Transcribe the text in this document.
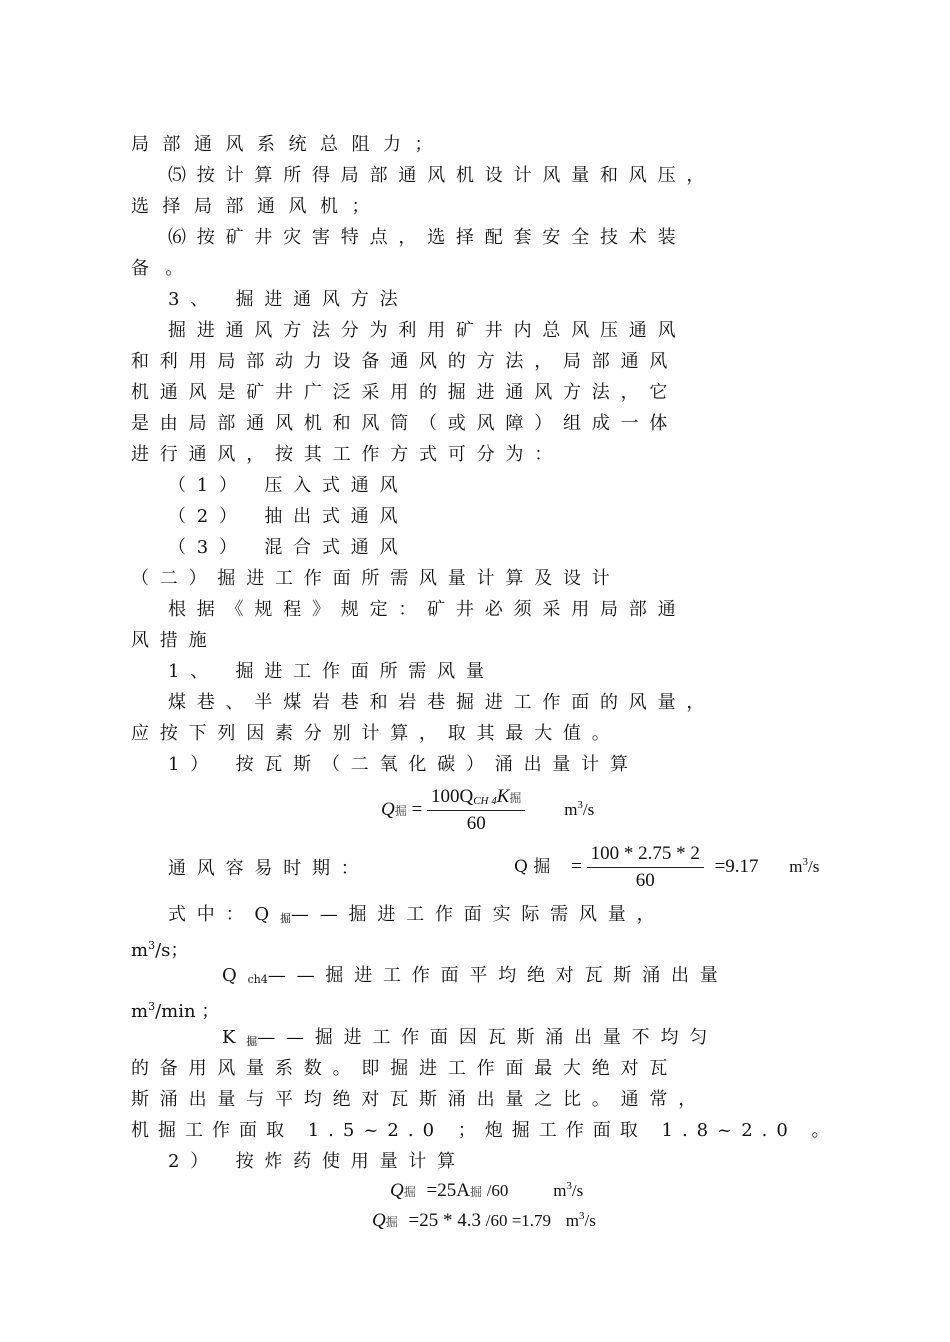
局部通风系统总阻力；
⑸按计算所得局部通风机设计风量和风压，
选择局部通风机；
⑹按矿井灾害特点，选择配套安全技术装
备。
3、 掘进通风方法
掘进通风方法分为利用矿井内总风压通风
和利用局部动力设备通风的方法，局部通风
机通风是矿井广泛采用的掘进通风方法，它
是由局部通风机和风筒（或风障）组成一体
进行通风，按其工作方式可分为：
（1） 压入式通风
（2） 抽出式通风
（3） 混合式通风
（二）掘进工作面所需风量计算及设计
根据《规程》规定：矿井必须采用局部通
风措施
1、 掘进工作面所需风量
煤巷、半煤岩巷和岩巷掘进工作面的风量，
应按下列因素分别计算，取其最大值。
1） 按瓦斯（二氧化碳）涌出量计算
Q掘 = $\frac{\text{100QCH 4K掘}}{60} m^3/s$
通风容易时期：	Q 掘 = $\frac{100 * 2.75 * 2}{60} =9.17$ $m^3/s$
式中：Q掘——掘进工作面实际需风量，
$m^3/s$；
Qch4——掘进工作面平均绝对瓦斯涌出量
$m^3/\min$ ；
K掘——掘进工作面因瓦斯涌出量不均匀
的备用风量系数。即掘进工作面最大绝对瓦
斯涌出量与平均绝对瓦斯涌出量之比。通常，
机掘工作面取 1.5~2.0 ；炮掘工作面取 1.8~2.0 。
2） 按炸药使用量计算
Q掘 =25A掘 /60	$m^3/s$
Q掘 =25 * 4.3 /60 =1.79 $m^3/s$
